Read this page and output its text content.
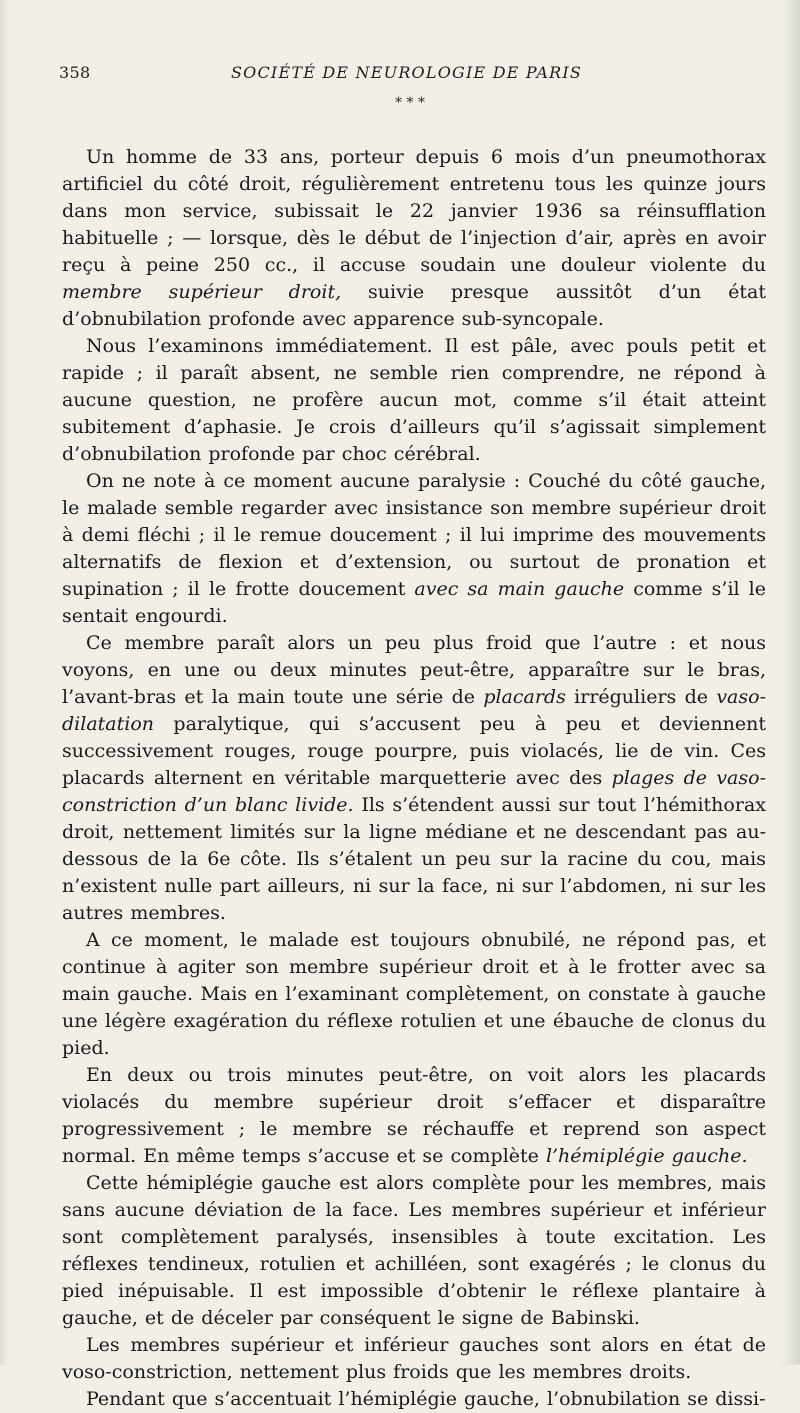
358	SOCIÉTÉ DE NEUROLOGIE DE PARIS
* * *

Un homme de 33 ans, porteur depuis 6 mois d’un pneumothorax artificiel du côté droit, régulièrement entretenu tous les quinze jours dans mon service, subissait le 22 janvier 1936 sa réinsufflation habituelle ; — lorsque, dès le début de l’injection d’air, après en avoir reçu à peine 250 cc., il accuse soudain une douleur violente du membre supérieur droit, suivie presque aussitôt d’un état d’obnubilation profonde avec apparence sub-syncopale.

Nous l’examinons immédiatement. Il est pâle, avec pouls petit et rapide ; il paraît absent, ne semble rien comprendre, ne répond à aucune question, ne profère aucun mot, comme s’il était atteint subitement d’aphasie. Je crois d’ailleurs qu’il s’agissait simplement d’obnubilation profonde par choc cérébral.

On ne note à ce moment aucune paralysie : Couché du côté gauche, le malade semble regarder avec insistance son membre supérieur droit à demi fléchi ; il le remue doucement ; il lui imprime des mouvements alternatifs de flexion et d’extension, ou surtout de pronation et supination ; il le frotte doucement avec sa main gauche comme s’il le sentait engourdi.

Ce membre paraît alors un peu plus froid que l’autre : et nous voyons, en une ou deux minutes peut-être, apparaître sur le bras, l’avant-bras et la main toute une série de placards irréguliers de vaso-dilatation paralytique, qui s’accusent peu à peu et deviennent successivement rouges, rouge pourpre, puis violacés, lie de vin. Ces placards alternent en véritable marquetterie avec des plages de vaso-constriction d’un blanc livide. Ils s’étendent aussi sur tout l’hémithorax droit, nettement limités sur la ligne médiane et ne descendant pas au-dessous de la 6e côte. Ils s’étalent un peu sur la racine du cou, mais n’existent nulle part ailleurs, ni sur la face, ni sur l’abdomen, ni sur les autres membres.

A ce moment, le malade est toujours obnubilé, ne répond pas, et continue à agiter son membre supérieur droit et à le frotter avec sa main gauche. Mais en l’examinant complètement, on constate à gauche une légère exagération du réflexe rotulien et une ébauche de clonus du pied.

En deux ou trois minutes peut-être, on voit alors les placards violacés du membre supérieur droit s’effacer et disparaître progressivement ; le membre se réchauffe et reprend son aspect normal. En même temps s’accuse et se complète l’hémiplégie gauche.

Cette hémiplégie gauche est alors complète pour les membres, mais sans aucune déviation de la face. Les membres supérieur et inférieur sont complètement paralysés, insensibles à toute excitation. Les réflexes tendineux, rotulien et achilléen, sont exagérés ; le clonus du pied inépuisable. Il est impossible d’obtenir le réflexe plantaire à gauche, et de déceler par conséquent le signe de Babinski.

Les membres supérieur et inférieur gauches sont alors en état de voso-constriction, nettement plus froids que les membres droits.

Pendant que s’accentuait l’hémiplégie gauche, l’obnubilation se dissi-
